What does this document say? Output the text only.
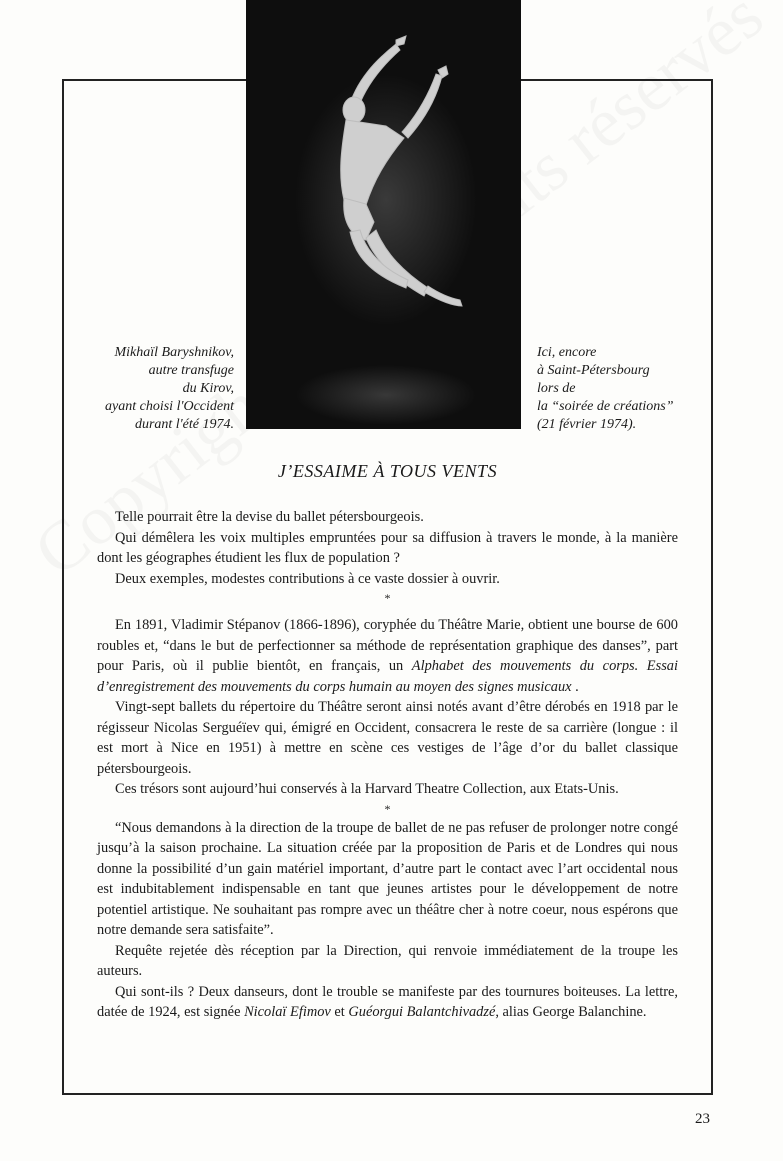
Mikhaïl Baryshnikov,
autre transfuge
du Kirov,
ayant choisi l'Occident
durant l'été 1974.
Ici, encore
à Saint-Pétersbourg
lors de
la “soirée de créations”
(21 février 1974).
J’ESSAIME À TOUS VENTS

Telle pourrait être la devise du ballet pétersbourgeois.

Qui démêlera les voix multiples empruntées pour sa diffusion à travers le monde, à la manière dont les géographes étudient les flux de population ?

Deux exemples, modestes contributions à ce vaste dossier à ouvrir.

*

En 1891, Vladimir Stépanov (1866-1896), coryphée du Théâtre Marie, obtient une bourse de 600 roubles et, “dans le but de perfectionner sa méthode de représentation graphique des danses”, part pour Paris, où il publie bientôt, en français, un Alphabet des mouvements du corps. Essai d’enregistrement des mouvements du corps humain au moyen des signes musicaux .

Vingt-sept ballets du répertoire du Théâtre seront ainsi notés avant d’être dérobés en 1918 par le régisseur Nicolas Serguéïev qui, émigré en Occident, consacrera le reste de sa carrière (longue : il est mort à Nice en 1951) à mettre en scène ces vestiges de l’âge d’or du ballet classique pétersbourgeois.

Ces trésors sont aujourd’hui conservés à la Harvard Theatre Collection, aux Etats-Unis.

*

“Nous demandons à la direction de la troupe de ballet de ne pas refuser de prolonger notre congé jusqu’à la saison prochaine. La situation créée par la proposition de Paris et de Londres qui nous donne la possibilité d’un gain matériel important, d’autre part le contact avec l’art occidental nous est indubitablement indispensable en tant que jeunes artistes pour le développement de notre potentiel artistique. Ne souhaitant pas rompre avec un théâtre cher à notre coeur, nous espérons que notre demande sera satisfaite”.

Requête rejetée dès réception par la Direction, qui renvoie immédiatement de la troupe les auteurs.

Qui sont-ils ? Deux danseurs, dont le trouble se manifeste par des tournures boiteuses. La lettre, datée de 1924, est signée Nicolaï Efimov et Guéorgui Balantchivadzé, alias George Balanchine.

23
